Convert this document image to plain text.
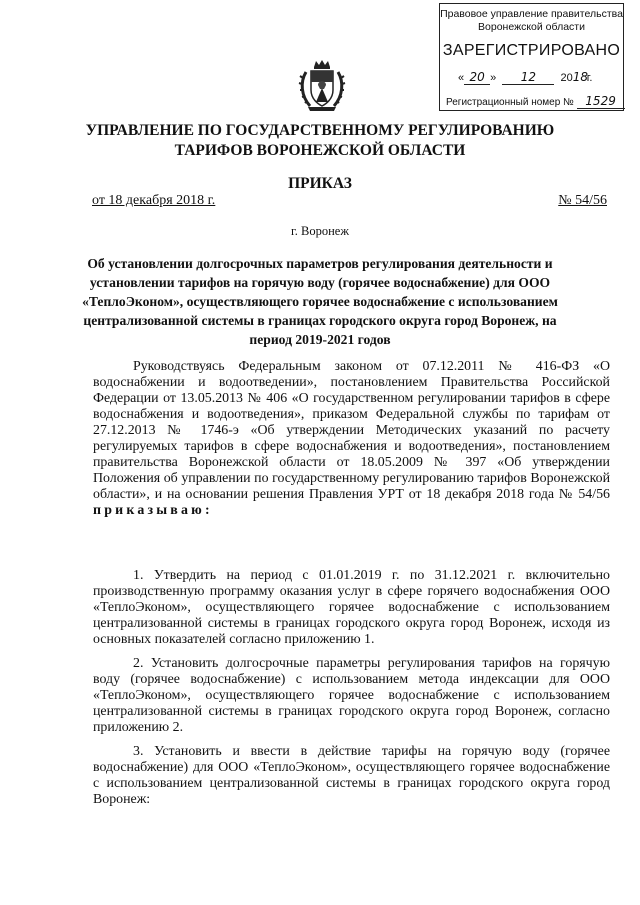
Правовое управление правительства
Воронежской области
ЗАРЕГИСТРИРОВАНО
« 20 »  12 2018г.
Регистрационный номер № 1529
УПРАВЛЕНИЕ ПО ГОСУДАРСТВЕННОМУ РЕГУЛИРОВАНИЮ
ТАРИФОВ ВОРОНЕЖСКОЙ ОБЛАСТИ
ПРИКАЗ
от 18 декабря 2018 г.	№ 54/56
г. Воронеж
Об установлении долгосрочных параметров регулирования деятельности и установлении тарифов на горячую воду (горячее водоснабжение) для ООО «ТеплоЭконом», осуществляющего горячее водоснабжение с использованием централизованной системы в границах городского округа город Воронеж, на период 2019-2021 годов
Руководствуясь Федеральным законом от 07.12.2011 № 416-ФЗ «О водоснабжении и водоотведении», постановлением Правительства Российской Федерации от 13.05.2013 № 406 «О государственном регулировании тарифов в сфере водоснабжения и водоотведения», приказом Федеральной службы по тарифам от 27.12.2013 № 1746-э «Об утверждении Методических указаний по расчету регулируемых тарифов в сфере водоснабжения и водоотведения», постановлением правительства Воронежской области от 18.05.2009 № 397 «Об утверждении Положения об управлении по государственному регулированию тарифов Воронежской области», и на основании решения Правления УРТ от 18 декабря 2018 года № 54/56 приказываю:
1. Утвердить на период с 01.01.2019 г. по 31.12.2021 г. включительно производственную программу оказания услуг в сфере горячего водоснабжения ООО «ТеплоЭконом», осуществляющего горячее водоснабжение с использованием централизованной системы в границах городского округа город Воронеж, исходя из основных показателей согласно приложению 1.
2. Установить долгосрочные параметры регулирования тарифов на горячую воду (горячее водоснабжение) с использованием метода индексации для ООО «ТеплоЭконом», осуществляющего горячее водоснабжение с использованием централизованной системы в границах городского округа город Воронеж, согласно приложению 2.
3. Установить и ввести в действие тарифы на горячую воду (горячее водоснабжение) для ООО «ТеплоЭконом», осуществляющего горячее водоснабжение с использованием централизованной системы в границах городского округа город Воронеж:
